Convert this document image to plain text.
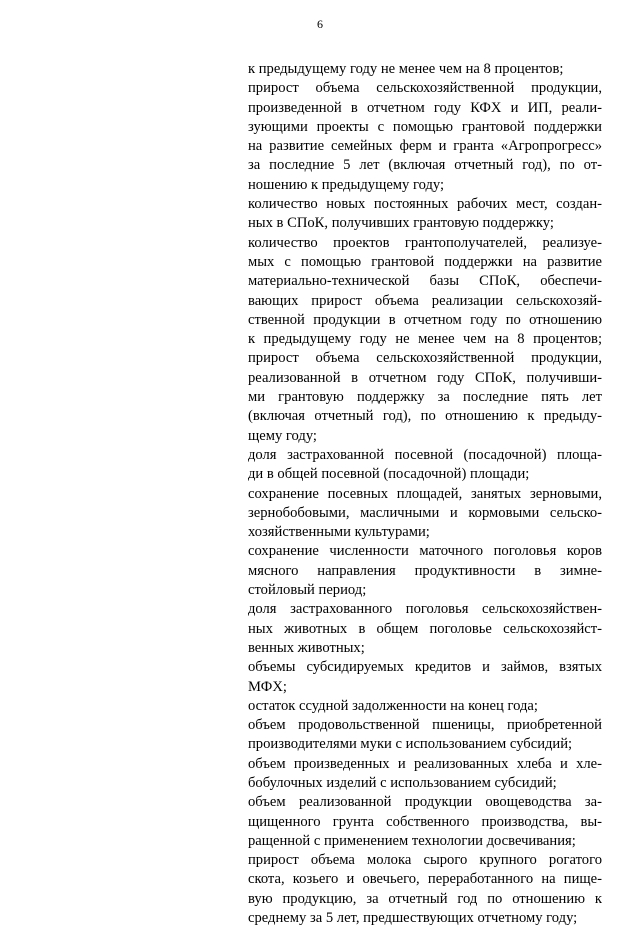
6
к предыдущему году не менее чем на 8 процентов;
прирост объема сельскохозяйственной продукции,
произведенной в отчетном году КФХ и ИП, реали-
зующими проекты с помощью грантовой поддержки
на развитие семейных ферм и гранта «Агропрогресс»
за последние 5 лет (включая отчетный год), по от-
ношению к предыдущему году;
количество новых постоянных рабочих мест, создан-
ных в СПоК, получивших грантовую поддержку;
количество проектов грантополучателей, реализуе-
мых с помощью грантовой поддержки на развитие
материально-технической базы СПоК, обеспечи-
вающих прирост объема реализации сельскохозяй-
ственной продукции в отчетном году по отношению
к предыдущему году не менее чем на 8 процентов;
прирост объема сельскохозяйственной продукции,
реализованной в отчетном году СПоК, получивши-
ми грантовую поддержку за последние пять лет
(включая отчетный год), по отношению к предыду-
щему году;
доля застрахованной посевной (посадочной) площа-
ди в общей посевной (посадочной) площади;
сохранение посевных площадей, занятых зерновыми,
зернобобовыми, масличными и кормовыми сельско-
хозяйственными культурами;
сохранение численности маточного поголовья коров
мясного направления продуктивности в зимне-
стойловый период;
доля застрахованного поголовья сельскохозяйствен-
ных животных в общем поголовье сельскохозяйст-
венных животных;
объемы субсидируемых кредитов и займов, взятых
МФХ;
остаток ссудной задолженности на конец года;
объем продовольственной пшеницы, приобретенной
производителями муки с использованием субсидий;
объем произведенных и реализованных хлеба и хле-
бобулочных изделий с использованием субсидий;
объем реализованной продукции овощеводства за-
щищенного грунта собственного производства, вы-
ращенной с применением технологии досвечивания;
прирост объема молока сырого крупного рогатого
скота, козьего и овечьего, переработанного на пище-
вую продукцию, за отчетный год по отношению к
среднему за 5 лет, предшествующих отчетному году;
